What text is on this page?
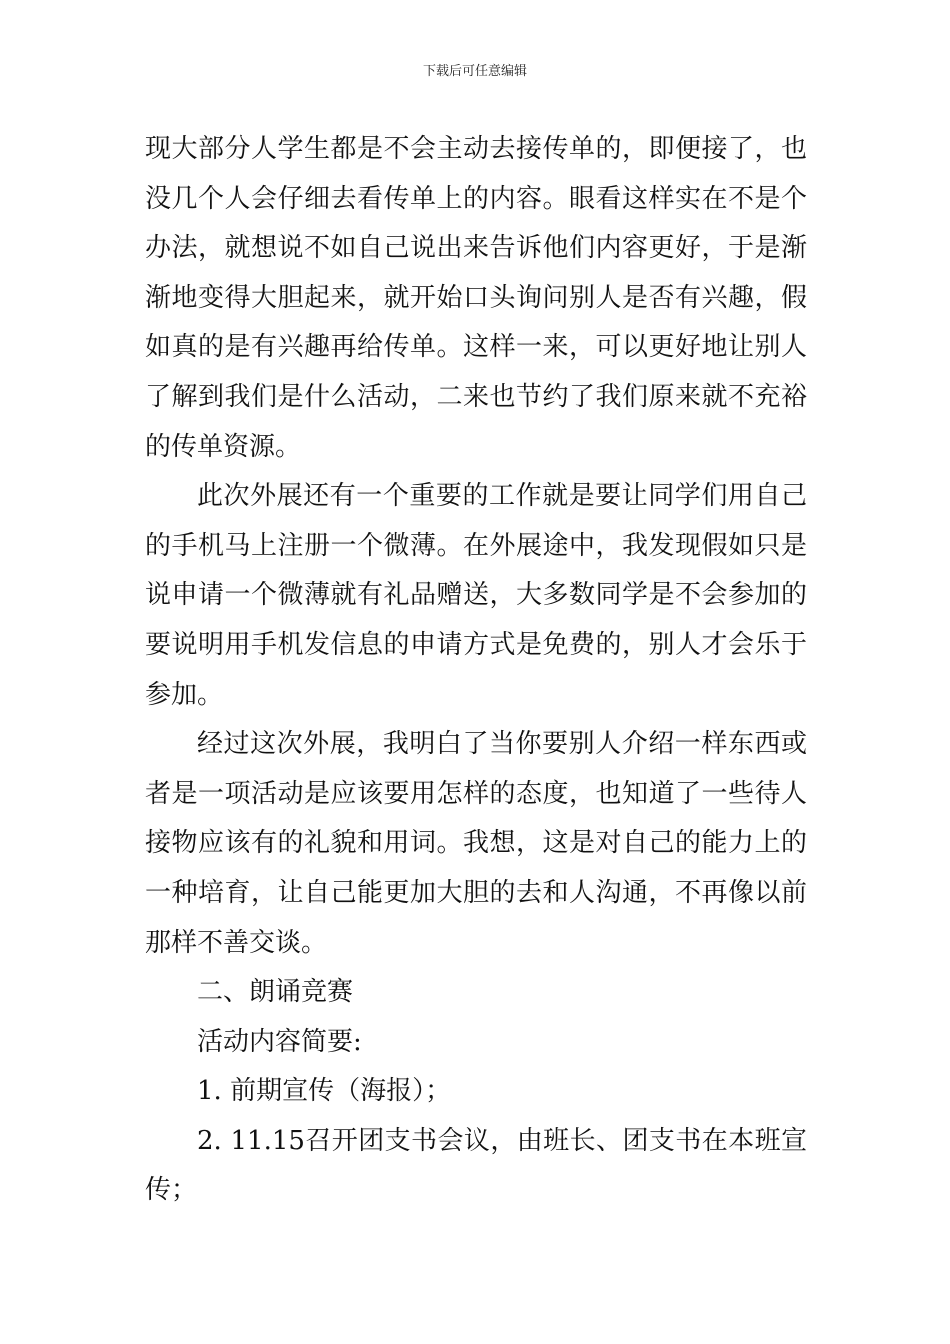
下载后可任意编辑

现大部分人学生都是不会主动去接传单的，即便接了，也没几个人会仔细去看传单上的内容。眼看这样实在不是个办法，就想说不如自己说出来告诉他们内容更好，于是渐渐地变得大胆起来，就开始口头询问别人是否有兴趣，假如真的是有兴趣再给传单。这样一来，可以更好地让别人了解到我们是什么活动，二来也节约了我们原来就不充裕的传单资源。

此次外展还有一个重要的工作就是要让同学们用自己的手机马上注册一个微薄。在外展途中，我发现假如只是说申请一个微薄就有礼品赠送，大多数同学是不会参加的要说明用手机发信息的申请方式是免费的，别人才会乐于参加。

经过这次外展，我明白了当你要别人介绍一样东西或者是一项活动是应该要用怎样的态度，也知道了一些待人接物应该有的礼貌和用词。我想，这是对自己的能力上的一种培育，让自己能更加大胆的去和人沟通，不再像以前那样不善交谈。

二、朗诵竞赛

活动内容简要:

1. 前期宣传（海报）；

2. 11.15召开团支书会议，由班长、团支书在本班宣传；
